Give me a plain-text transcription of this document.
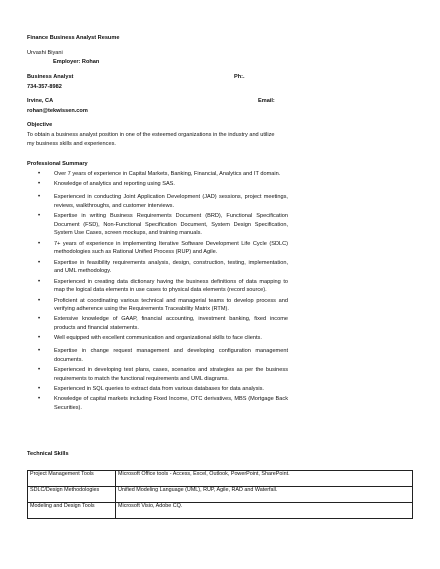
Finance Business Analyst Resume
Urvashi Biyani
Employer: Rohan
Business Analyst	Ph:.
734-357-8982
Irvine, CA	Email:
rohan@tekwissen.com
Objective
To obtain a business analyst position in one of the esteemed organizations in the industry and utilize
my business skills and experiences.
Professional Summary
• Over 7 years of experience in Capital Markets, Banking, Financial, Analytics and IT domain.
• Knowledge of analytics and reporting using SAS.
• Experienced in conducting Joint Application Development (JAD) sessions, project meetings, reviews, walkthroughs, and customer interviews.
• Expertise in writing Business Requirements Document (BRD), Functional Specification Document (FSD), Non-Functional Specification Document, System Design Specification, System Use Cases, screen mockups, and training manuals.
• 7+ years of experience in implementing Iterative Software Development Life Cycle (SDLC) methodologies such as Rational Unified Process (RUP) and Agile.
• Expertise in feasibility requirements analysis, design, construction, testing, implementation, and UML methodology.
• Experienced in creating data dictionary having the business definitions of data mapping to map the logical data elements in use cases to physical data elements (record source).
• Proficient at coordinating various technical and managerial teams to develop process and verifying adherence using the Requirements Traceability Matrix (RTM).
• Extensive knowledge of GAAP, financial accounting, investment banking, fixed income products and financial statements.
• Well equipped with excellent communication and organizational skills to face clients.
• Expertise in change request management and developing configuration management documents.
• Experienced in developing test plans, cases, scenarios and strategies as per the business requirements to match the functional requirements and UML diagrams.
• Experienced in SQL queries to extract data from various databases for data analysis.
• Knowledge of capital markets including Fixed Income, OTC derivatives, MBS (Mortgage Back Securities).
Technical Skills
Project Management Tools	Microsoft Office tools - Access, Excel, Outlook, PowerPoint, SharePoint.
SDLC/Design Methodologies	Unified Modeling Language (UML), RUP, Agile, RAD and Waterfall.
Modeling and Design Tools	Microsoft Visio, Adobe CQ.
